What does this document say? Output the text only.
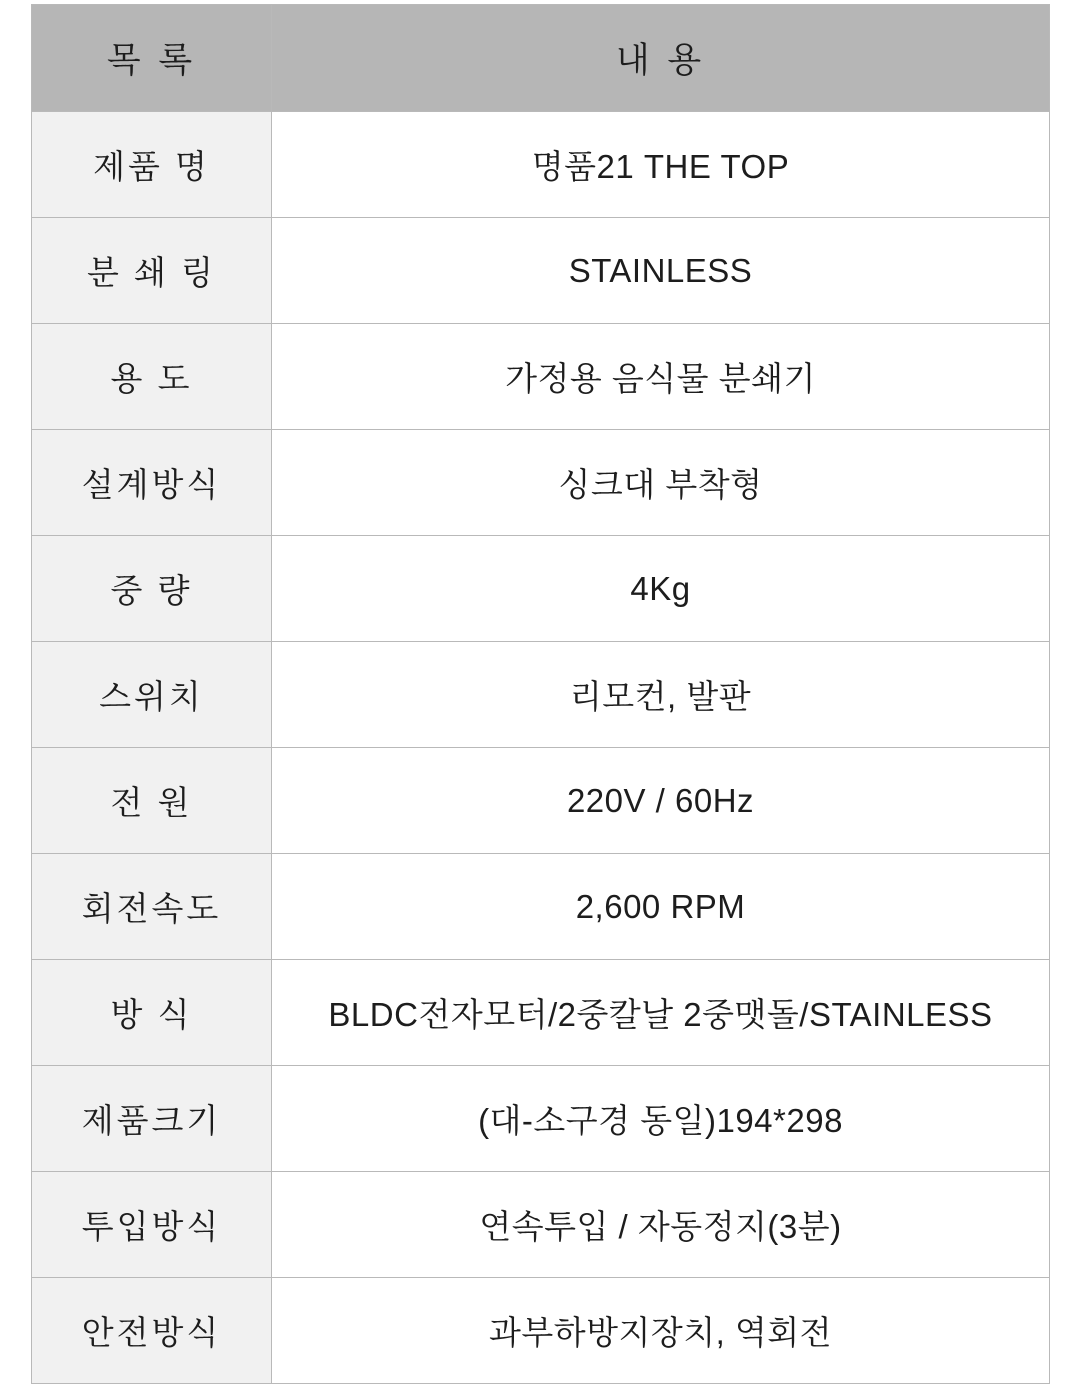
목 록	내 용
제품 명	명품21 THE TOP
분 쇄 링	STAINLESS
용 도	가정용 음식물 분쇄기
설계방식	싱크대 부착형
중 량	4Kg
스위치	리모컨, 발판
전 원	220V / 60Hz
회전속도	2,600 RPM
방 식	BLDC전자모터/2중칼날 2중맷돌/STAINLESS
제품크기	(대-소구경 동일)194*298
투입방식	연속투입 / 자동정지(3분)
안전방식	과부하방지장치, 역회전
